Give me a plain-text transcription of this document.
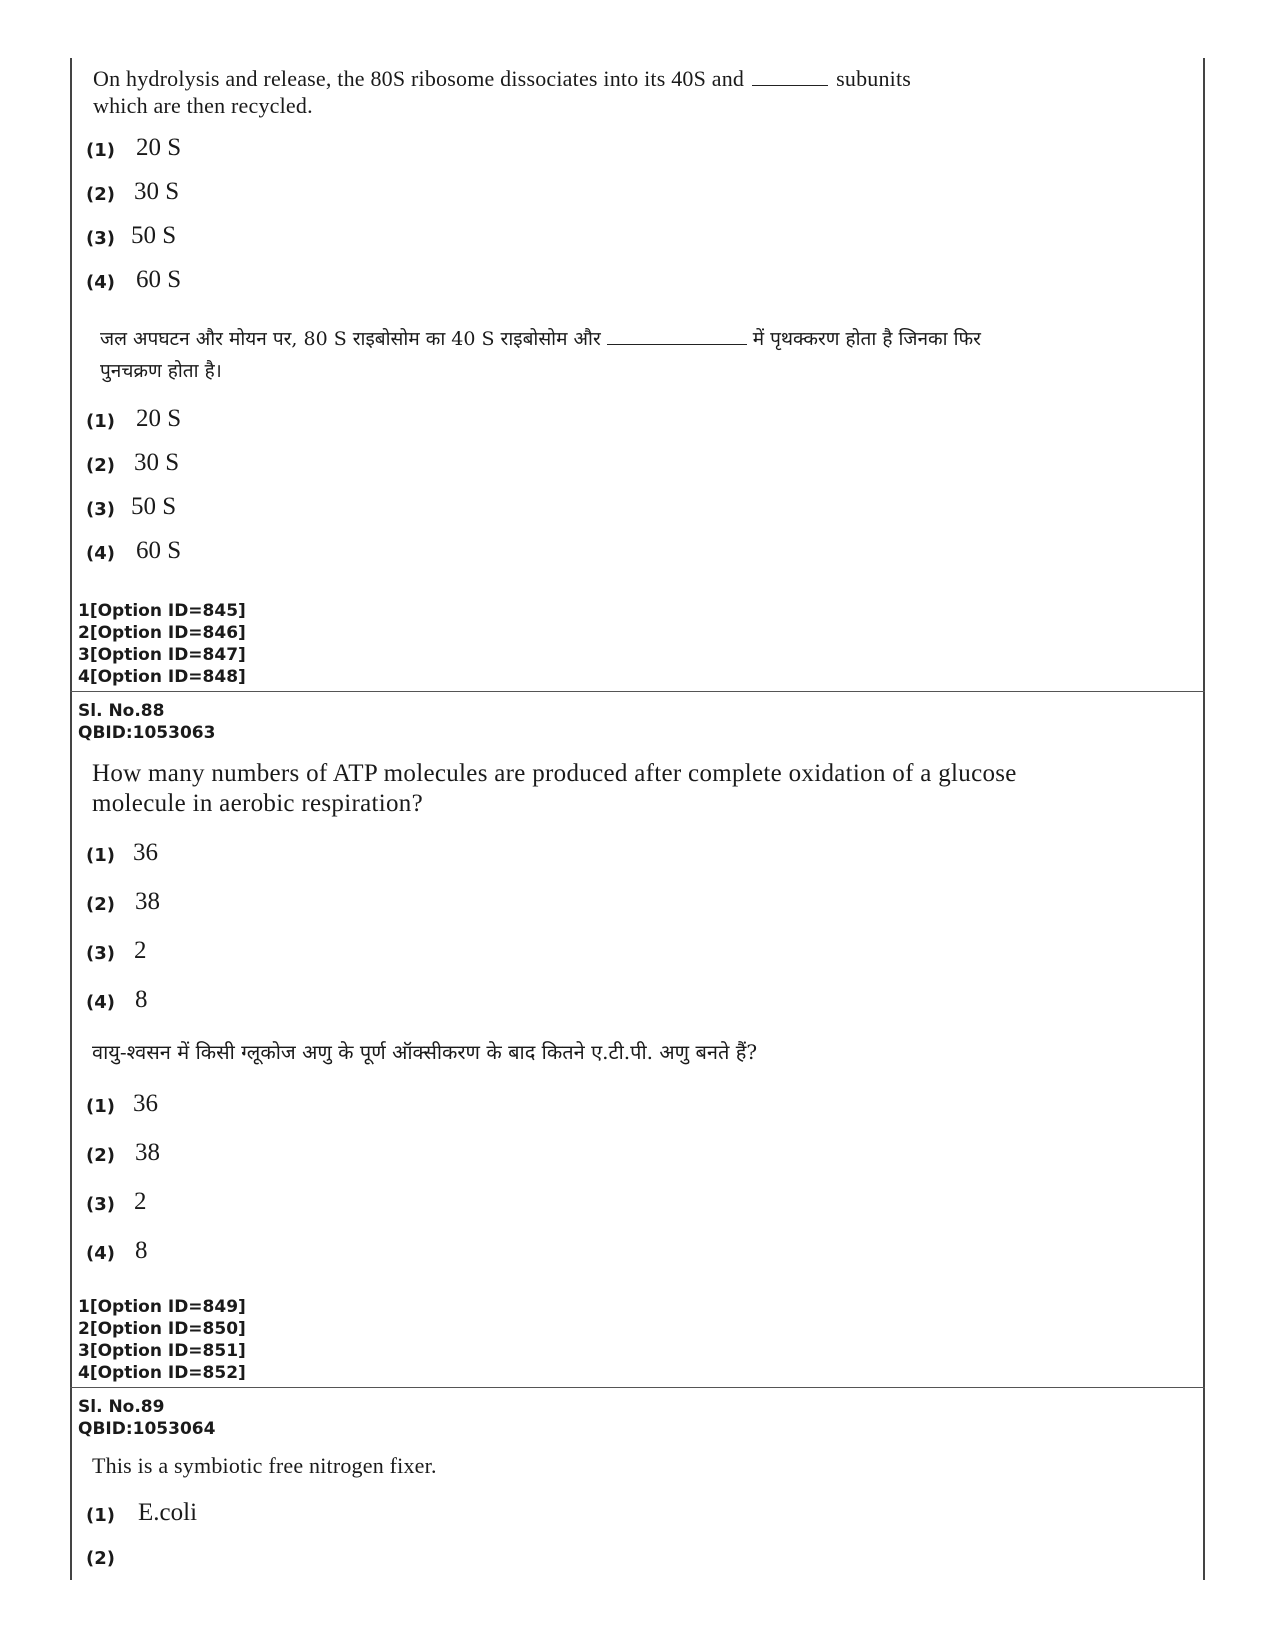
On hydrolysis and release, the 80S ribosome dissociates into its 40S and	subunits
which are then recycled.
(1) 20 S
(2) 30 S
(3) 50 S
(4) 60 S
जल अपघटन और मोयन पर, 80 S राइबोसोम का 40 S राइबोसोम और	में पृथक्करण होता है जिनका फिर
पुनचक्रण होता है।
(1) 20 S
(2) 30 S
(3) 50 S
(4) 60 S
1[Option ID=845]
2[Option ID=846]
3[Option ID=847]
4[Option ID=848]
Sl. No.88
QBID:1053063
How many numbers of ATP molecules are produced after complete oxidation of a glucose
molecule in aerobic respiration?
(1) 36
(2) 38
(3) 2
(4) 8
वायु-श्वसन में किसी ग्लूकोज अणु के पूर्ण ऑक्सीकरण के बाद कितने ए.टी.पी. अणु बनते हैं?
(1) 36
(2) 38
(3) 2
(4) 8
1[Option ID=849]
2[Option ID=850]
3[Option ID=851]
4[Option ID=852]
Sl. No.89
QBID:1053064
This is a symbiotic free nitrogen fixer.
(1) E.coli
(2)
